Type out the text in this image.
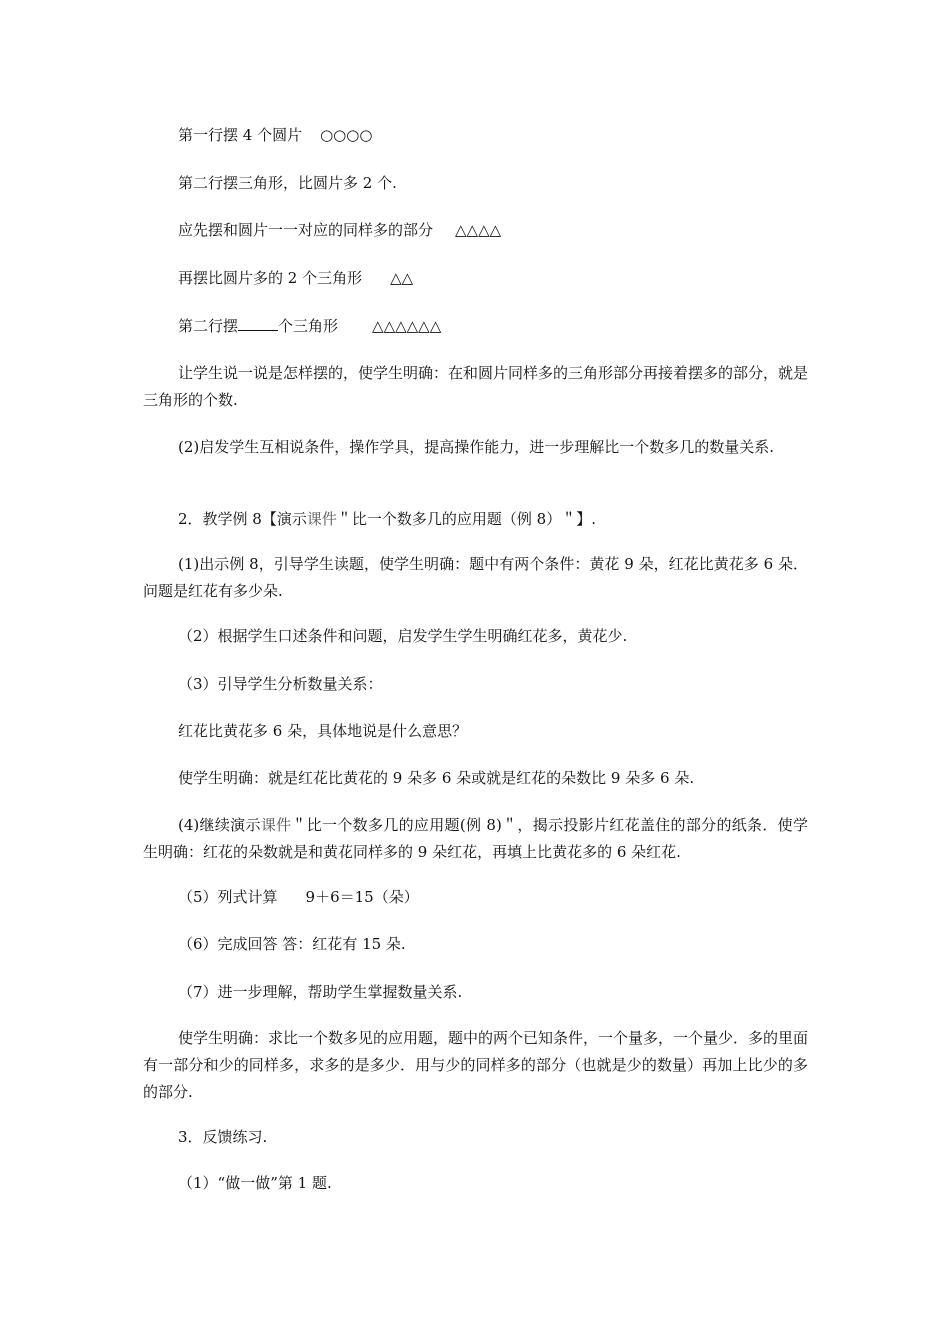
第一行摆 4 个圆片 ○○○○

第二行摆三角形，比圆片多 2 个.

应先摆和圆片一一对应的同样多的部分 △△△△

再摆比圆片多的 2 个三角形 △△

第二行摆	个三角形 △△△△△△

让学生说一说是怎样摆的，使学生明确：在和圆片同样多的三角形部分再接着摆多的部分，就是三角形的个数.

(2)启发学生互相说条件，操作学具，提高操作能力，进一步理解比一个数多几的数量关系.

2．教学例 8【演示课件＂比一个数多几的应用题（例 8）＂】.

(1)出示例 8，引导学生读题，使学生明确：题中有两个条件：黄花 9 朵，红花比黄花多 6 朵．问题是红花有多少朵.

（2）根据学生口述条件和问题，启发学生学生明确红花多，黄花少.

（3）引导学生分析数量关系：

红花比黄花多 6 朵，具体地说是什么意思？

使学生明确：就是红花比黄花的 9 朵多 6 朵或就是红花的朵数比 9 朵多 6 朵.

(4)继续演示课件＂比一个数多几的应用题(例 8)＂，揭示投影片红花盖住的部分的纸条．使学生明确：红花的朵数就是和黄花同样多的 9 朵红花，再填上比黄花多的 6 朵红花.

（5）列式计算 9＋6＝15（朵）

（6）完成回答 答：红花有 15 朵.

（7）进一步理解，帮助学生掌握数量关系.

使学生明确：求比一个数多见的应用题，题中的两个已知条件，一个量多，一个量少．多的里面有一部分和少的同样多，求多的是多少．用与少的同样多的部分（也就是少的数量）再加上比少的多的部分.

3．反馈练习.

（1）“做一做”第 1 题.
